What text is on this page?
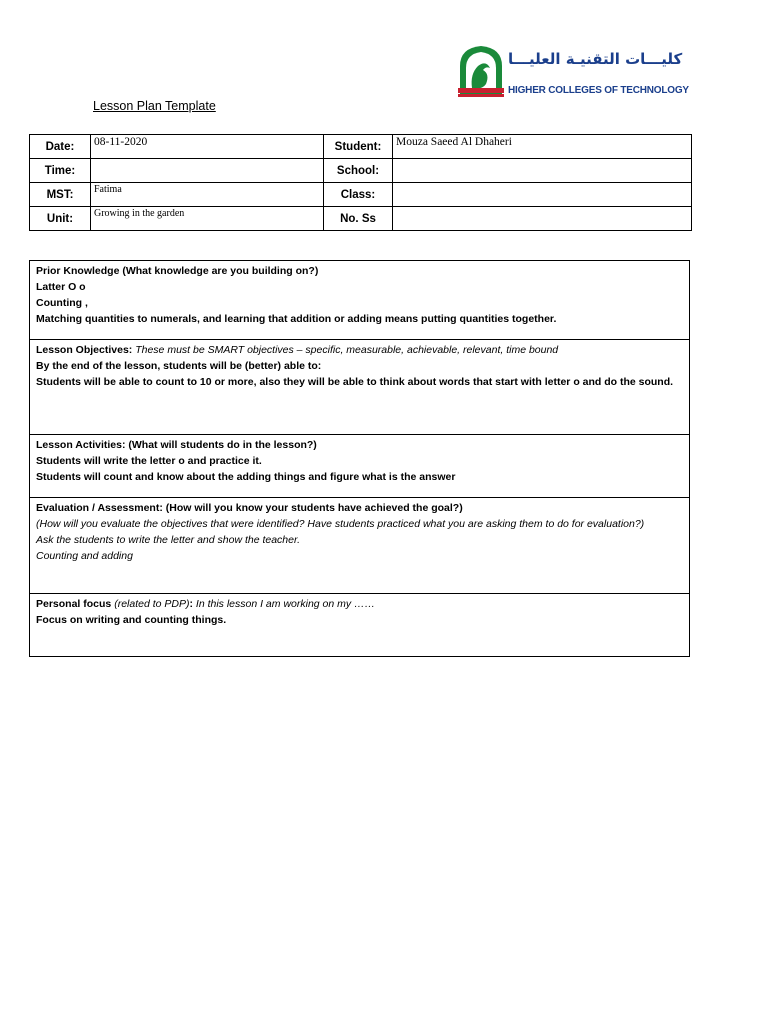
كليـــات التقنيـة العليـــا
HIGHER COLLEGES OF TECHNOLOGY
Lesson Plan Template
Date:	08-11-2020	Student:	Mouza Saeed Al Dhaheri
Time:		School:	
MST:	Fatima	Class:	
Unit:	Growing in the garden	No. Ss	
Prior Knowledge (What knowledge are you building on?)
Latter O o
Counting ,
Matching quantities to numerals, and learning that addition or adding means putting quantities together.
Lesson Objectives: These must be SMART objectives – specific, measurable, achievable, relevant, time bound
By the end of the lesson, students will be (better) able to:
Students will be able to count to 10 or more, also they will be able to think about words that start with letter o and do the sound.
Lesson Activities: (What will students do in the lesson?)
Students will write the letter o and practice it.
Students will count and know about the adding things and figure what is the answer
Evaluation / Assessment: (How will you know your students have achieved the goal?)
(How will you evaluate the objectives that were identified? Have students practiced what you are asking them to do for evaluation?)
Ask the students to write the letter and show the teacher.
Counting and adding
Personal focus (related to PDP): In this lesson I am working on my ……
Focus on writing and counting things.
